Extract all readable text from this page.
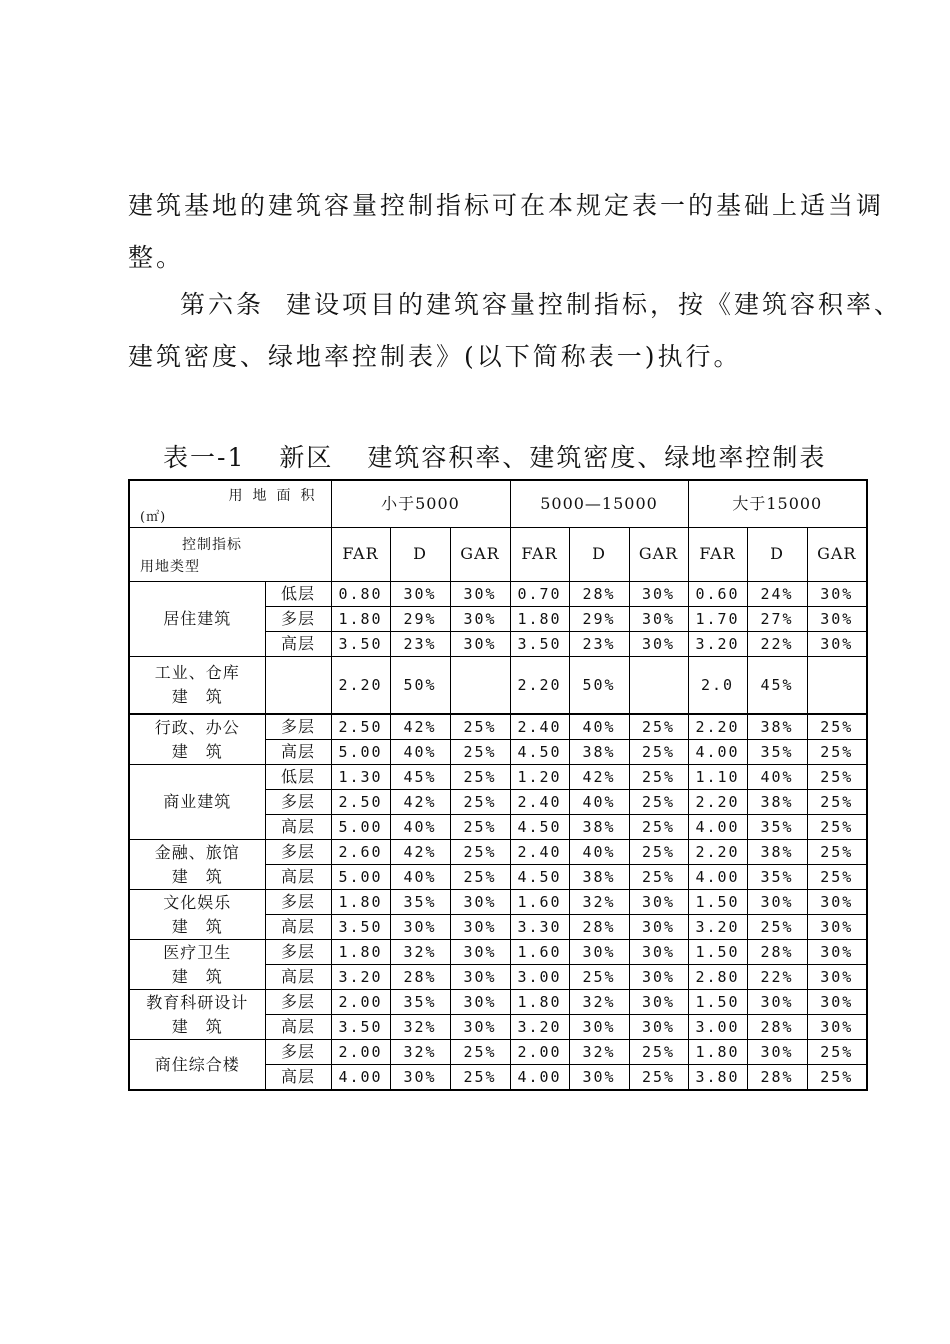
建筑基地的建筑容量控制指标可在本规定表一的基础上适当调

整。

第六条 建设项目的建筑容量控制指标，按《建筑容积率、

建筑密度、绿地率控制表》(以下简称表一)执行。

表一-1 新区 建筑容积率、建筑密度、绿地率控制表
用地面积
(㎡)		小于5000			5000—15000			大于15000		

控制指标
用地类型		FAR	D	GAR	FAR	D	GAR	FAR	D	GAR

居住建筑	低层	0.80	30%	30%	0.70	28%	30%	0.60	24%	30%
	多层	1.80	29%	30%	1.80	29%	30%	1.70	27%	30%
	高层	3.50	23%	30%	3.50	23%	30%	3.20	22%	30%

工业、仓库
建　筑		2.20	50%		2.20	50%		2.0	45%	

行政、办公
建　筑	多层	2.50	42%	25%	2.40	40%	25%	2.20	38%	25%
	高层	5.00	40%	25%	4.50	38%	25%	4.00	35%	25%

商业建筑	低层	1.30	45%	25%	1.20	42%	25%	1.10	40%	25%
	多层	2.50	42%	25%	2.40	40%	25%	2.20	38%	25%
	高层	5.00	40%	25%	4.50	38%	25%	4.00	35%	25%

金融、旅馆
建　筑	多层	2.60	42%	25%	2.40	40%	25%	2.20	38%	25%
	高层	5.00	40%	25%	4.50	38%	25%	4.00	35%	25%

文化娱乐
建　筑	多层	1.80	35%	30%	1.60	32%	30%	1.50	30%	30%
	高层	3.50	30%	30%	3.30	28%	30%	3.20	25%	30%

医疗卫生
建　筑	多层	1.80	32%	30%	1.60	30%	30%	1.50	28%	30%
	高层	3.20	28%	30%	3.00	25%	30%	2.80	22%	30%

教育科研设计
建　筑	多层	2.00	35%	30%	1.80	32%	30%	1.50	30%	30%
	高层	3.50	32%	30%	3.20	30%	30%	3.00	28%	30%

商住综合楼	多层	2.00	32%	25%	2.00	32%	25%	1.80	30%	25%
	高层	4.00	30%	25%	4.00	30%	25%	3.80	28%	25%
